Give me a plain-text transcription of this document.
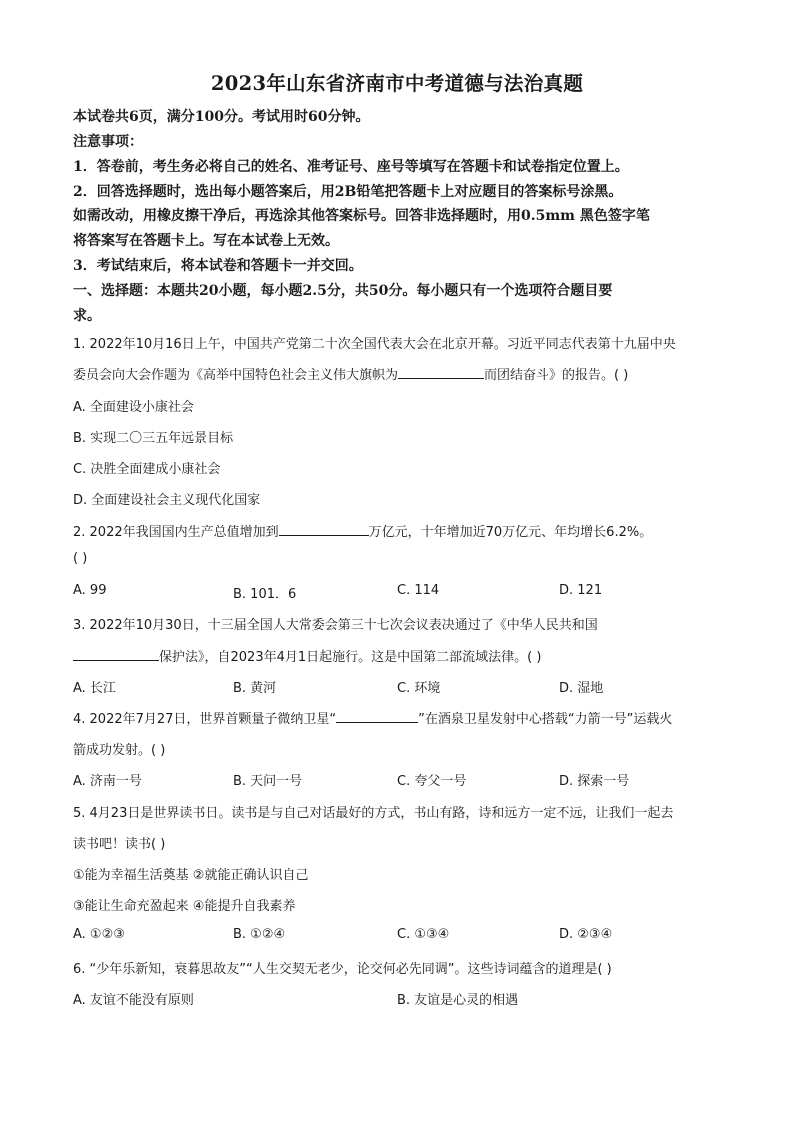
2023年山东省济南市中考道德与法治真题
本试卷共6页，满分100分。考试用时60分钟。
注意事项：
1．答卷前，考生务必将自己的姓名、准考证号、座号等填写在答题卡和试卷指定位置上。
2．回答选择题时，选出每小题答案后，用2B铅笔把答题卡上对应题目的答案标号涂黑。
如需改动，用橡皮擦干净后，再选涂其他答案标号。回答非选择题时，用0.5mm 黑色签字笔
将答案写在答题卡上。写在本试卷上无效。
3．考试结束后，将本试卷和答题卡一并交回。
一、选择题：本题共20小题，每小题2.5分，共50分。每小题只有一个选项符合题目要
求。
1. 2022年10月16日上午，中国共产党第二十次全国代表大会在北京开幕。习近平同志代表第十九届中央
委员会向大会作题为《高举中国特色社会主义伟大旗帜为	而团结奋斗》的报告。( )
A. 全面建设小康社会
B. 实现二〇三五年远景目标
C. 决胜全面建成小康社会
D. 全面建设社会主义现代化国家
2. 2022年我国国内生产总值增加到	万亿元，十年增加近70万亿元、年均增长6.2%。
( )
A. 99	B. 101．6	C. 114	D. 121
3. 2022年10月30日，十三届全国人大常委会第三十七次会议表决通过了《中华人民共和国
保护法》，自2023年4月1日起施行。这是中国第二部流域法律。( )
A. 长江	B. 黄河	C. 环境	D. 湿地
4. 2022年7月27日，世界首颗量子微纳卫星“	”在酒泉卫星发射中心搭载“力箭一号”运载火
箭成功发射。( )
A. 济南一号	B. 天问一号	C. 夸父一号	D. 探索一号
5. 4月23日是世界读书日。读书是与自己对话最好的方式，书山有路，诗和远方一定不远，让我们一起去
读书吧！读书( )
①能为幸福生活奠基 ②就能正确认识自己
③能让生命充盈起来 ④能提升自我素养
A. ①②③	B. ①②④	C. ①③④	D. ②③④
6. “少年乐新知，衰暮思故友”“人生交契无老少，论交何必先同调”。这些诗词蕴含的道理是( )
A. 友谊不能没有原则	B. 友谊是心灵的相遇
